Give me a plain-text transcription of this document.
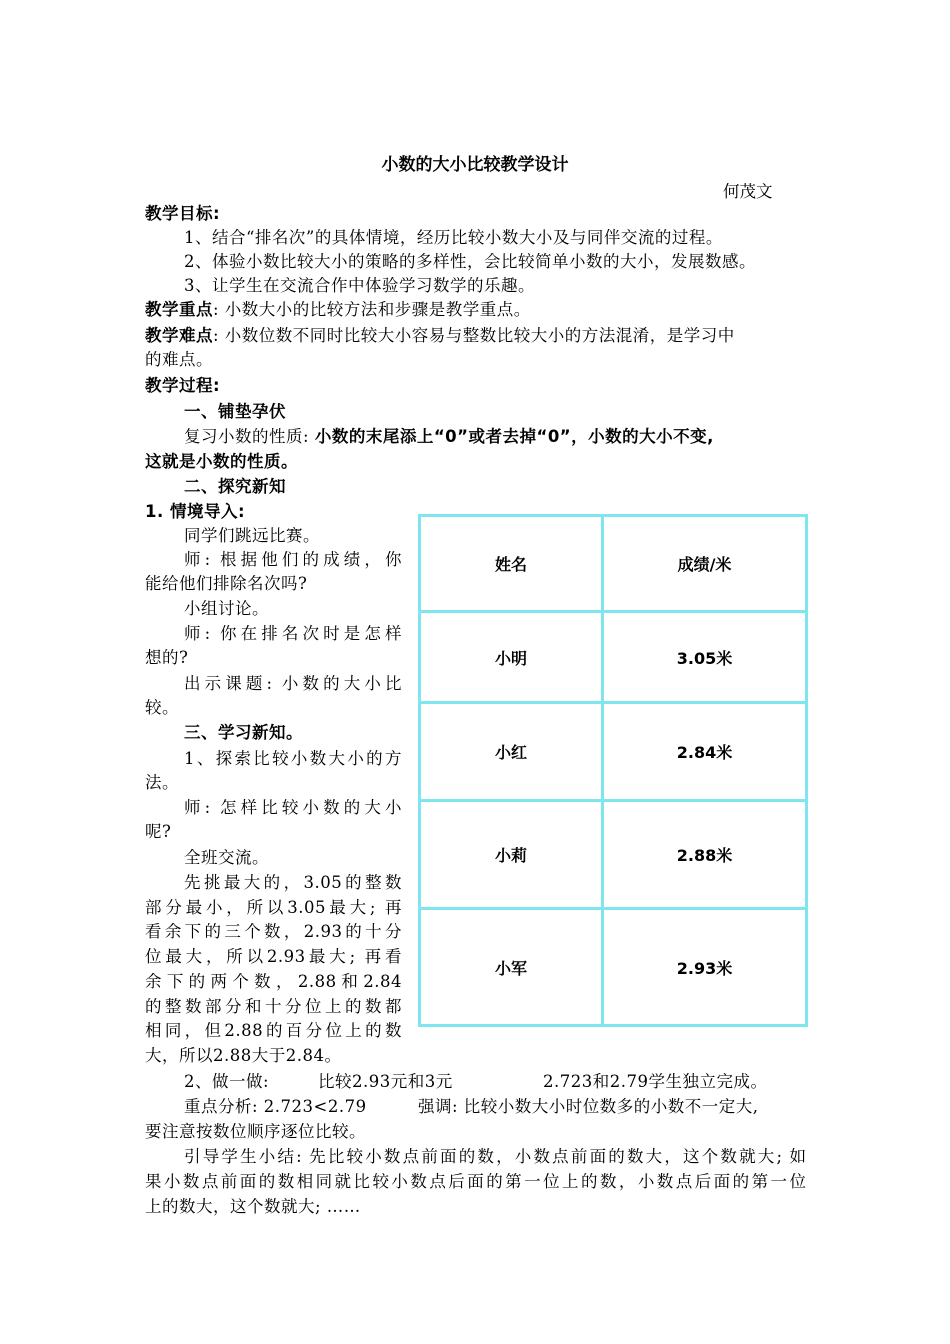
小数的大小比较教学设计
何茂文
教学目标:
1、结合“排名次”的具体情境，经历比较小数大小及与同伴交流的过程。
2、体验小数比较大小的策略的多样性，会比较简单小数的大小，发展数感。
3、让学生在交流合作中体验学习数学的乐趣。
教学重点: 小数大小的比较方法和步骤是教学重点。
教学难点: 小数位数不同时比较大小容易与整数比较大小的方法混淆，是学习中
的难点。
教学过程:
一、铺垫孕伏
复习小数的性质: 小数的末尾添上“0”或者去掉“0”，小数的大小不变,
这就是小数的性质。
二、探究新知
1. 情境导入:
同学们跳远比赛。
师: 根据他们的成绩，你
能给他们排除名次吗?
小组讨论。
师: 你在排名次时是怎样
想的?
出示课题: 小数的大小比
较。
三、学习新知。
1、探索比较小数大小的方
法。
师: 怎样比较小数的大小
呢?
全班交流。
先挑最大的，3.05的整数
部分最小，所以3.05最大; 再
看余下的三个数，2.93的十分
位最大，所以2.93最大; 再看
余下的两个数，2.88和2.84
的整数部分和十分位上的数都
相同，但2.88的百分位上的数
大，所以2.88大于2.84。
姓名	成绩/米
小明	3.05米
小红	2.84米
小莉	2.88米
小军	2.93米
2、做一做:	比较2.93元和3元	2.723和2.79学生独立完成。
重点分析: 2.723<2.79	强调: 比较小数大小时位数多的小数不一定大,
要注意按数位顺序逐位比较。
引导学生小结: 先比较小数点前面的数，小数点前面的数大，这个数就大; 如
果小数点前面的数相同就比较小数点后面的第一位上的数，小数点后面的第一位
上的数大，这个数就大; ……
